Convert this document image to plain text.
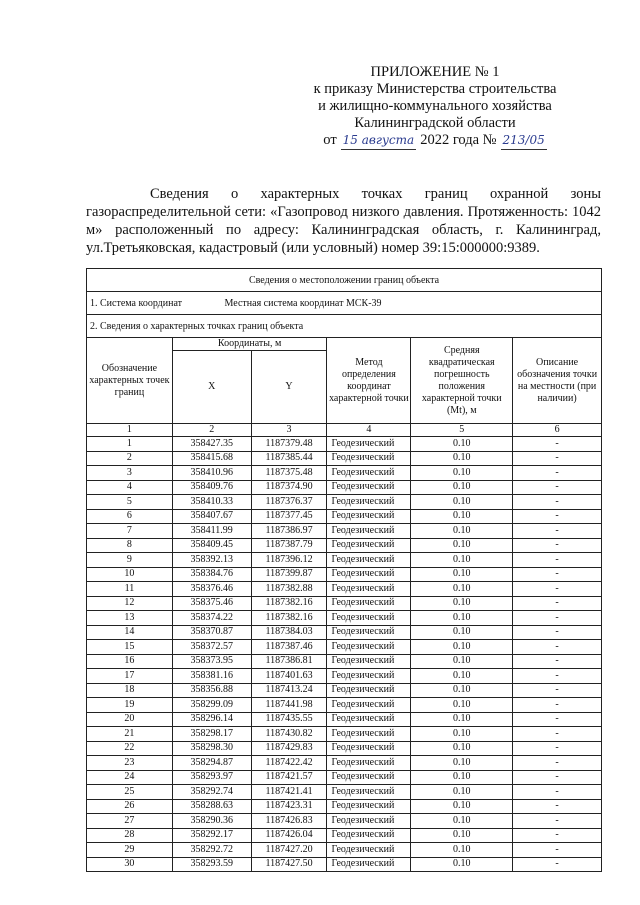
ПРИЛОЖЕНИЕ № 1
к приказу Министерства строительства
и жилищно-коммунального хозяйства
Калининградской области
от 15 августа 2022 года № 213/05
Сведения о характерных точках границ охранной зоны газораспределительной сети: «Газопровод низкого давления. Протяженность: 1042 м» расположенный по адресу: Калининградская область, г. Калининград, ул.Третьяковская, кадастровый (или условный) номер 39:15:000000:9389.
Сведения о местоположении границ объекта					
1. Система координат Местная система координат МСК-39					
2. Сведения о характерных точках границ объекта					
Обозначение характерных точек границ	Координаты, м		Метод определения координат характерной точки	Средняя квадратическая погрешность положения характерной точки (Mt), м	Описание обозначения точки на местности (при наличии)
	X	Y			
1	2	3	4	5	6
1	358427.35	1187379.48	Геодезический	0.10	-
2	358415.68	1187385.44	Геодезический	0.10	-
3	358410.96	1187375.48	Геодезический	0.10	-
4	358409.76	1187374.90	Геодезический	0.10	-
5	358410.33	1187376.37	Геодезический	0.10	-
6	358407.67	1187377.45	Геодезический	0.10	-
7	358411.99	1187386.97	Геодезический	0.10	-
8	358409.45	1187387.79	Геодезический	0.10	-
9	358392.13	1187396.12	Геодезический	0.10	-
10	358384.76	1187399.87	Геодезический	0.10	-
11	358376.46	1187382.88	Геодезический	0.10	-
12	358375.46	1187382.16	Геодезический	0.10	-
13	358374.22	1187382.16	Геодезический	0.10	-
14	358370.87	1187384.03	Геодезический	0.10	-
15	358372.57	1187387.46	Геодезический	0.10	-
16	358373.95	1187386.81	Геодезический	0.10	-
17	358381.16	1187401.63	Геодезический	0.10	-
18	358356.88	1187413.24	Геодезический	0.10	-
19	358299.09	1187441.98	Геодезический	0.10	-
20	358296.14	1187435.55	Геодезический	0.10	-
21	358298.17	1187430.82	Геодезический	0.10	-
22	358298.30	1187429.83	Геодезический	0.10	-
23	358294.87	1187422.42	Геодезический	0.10	-
24	358293.97	1187421.57	Геодезический	0.10	-
25	358292.74	1187421.41	Геодезический	0.10	-
26	358288.63	1187423.31	Геодезический	0.10	-
27	358290.36	1187426.83	Геодезический	0.10	-
28	358292.17	1187426.04	Геодезический	0.10	-
29	358292.72	1187427.20	Геодезический	0.10	-
30	358293.59	1187427.50	Геодезический	0.10	-
